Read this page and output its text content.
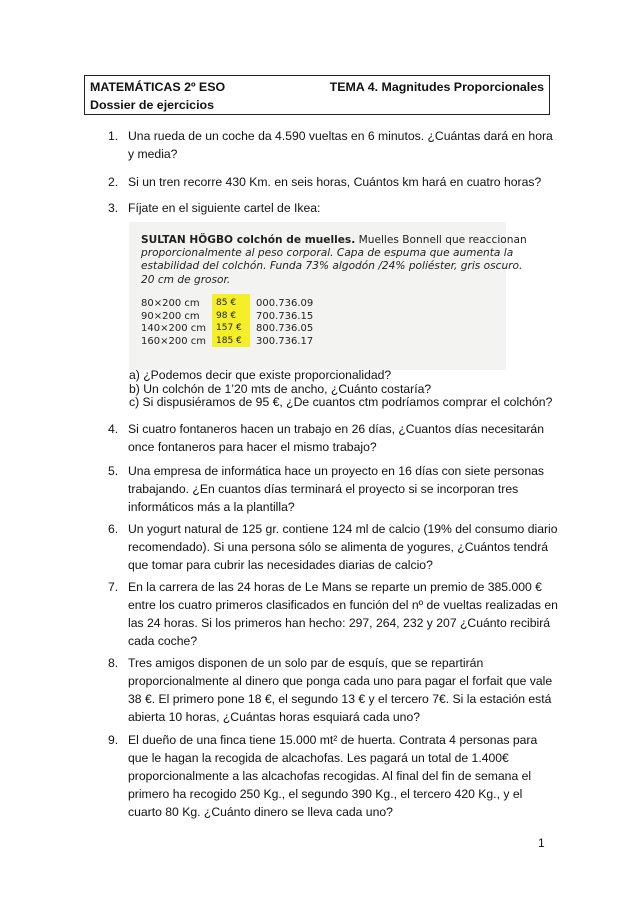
MATEMÁTICAS 2º ESO	TEMA 4. Magnitudes Proporcionales
Dossier de ejercicios
1. Una rueda de un coche da 4.590 vueltas en 6 minutos. ¿Cuántas dará en hora
y media?
2. Si un tren recorre 430 Km. en seis horas, Cuántos km hará en cuatro horas?
3. Fíjate en el siguiente cartel de Ikea:
SULTAN HÖGBO colchón de muelles. Muelles Bonnell que reaccionan
proporcionalmente al peso corporal. Capa de espuma que aumenta la
estabilidad del colchón. Funda 73% algodón /24% poliéster, gris oscuro.
20 cm de grosor.
80×200 cm
90×200 cm
140×200 cm
160×200 cm
85 €
98 €
157 €
185 €
000.736.09
700.736.15
800.736.05
300.736.17
a) ¿Podemos decir que existe proporcionalidad?
b) Un colchón de 1’20 mts de ancho, ¿Cuánto costaría?
c) Si dispusiéramos de 95 €, ¿De cuantos ctm podríamos comprar el colchón?
4. Si cuatro fontaneros hacen un trabajo en 26 días, ¿Cuantos días necesitarán
once fontaneros para hacer el mismo trabajo?
5. Una empresa de informática hace un proyecto en 16 días con siete personas
trabajando. ¿En cuantos días terminará el proyecto si se incorporan tres
informáticos más a la plantilla?
6. Un yogurt natural de 125 gr. contiene 124 ml de calcio (19% del consumo diario
recomendado). Si una persona sólo se alimenta de yogures, ¿Cuántos tendrá
que tomar para cubrir las necesidades diarias de calcio?
7. En la carrera de las 24 horas de Le Mans se reparte un premio de 385.000 €
entre los cuatro primeros clasificados en función del nº de vueltas realizadas en
las 24 horas. Si los primeros han hecho: 297, 264, 232 y 207 ¿Cuánto recibirá
cada coche?
8. Tres amigos disponen de un solo par de esquís, que se repartirán
proporcionalmente al dinero que ponga cada uno para pagar el forfait que vale
38 €. El primero pone 18 €, el segundo 13 € y el tercero 7€. Si la estación está
abierta 10 horas, ¿Cuántas horas esquiará cada uno?
9. El dueño de una finca tiene 15.000 mt² de huerta. Contrata 4 personas para
que le hagan la recogida de alcachofas. Les pagará un total de 1.400€
proporcionalmente a las alcachofas recogidas. Al final del fin de semana el
primero ha recogido 250 Kg., el segundo 390 Kg., el tercero 420 Kg., y el
cuarto 80 Kg. ¿Cuánto dinero se lleva cada uno?
1
